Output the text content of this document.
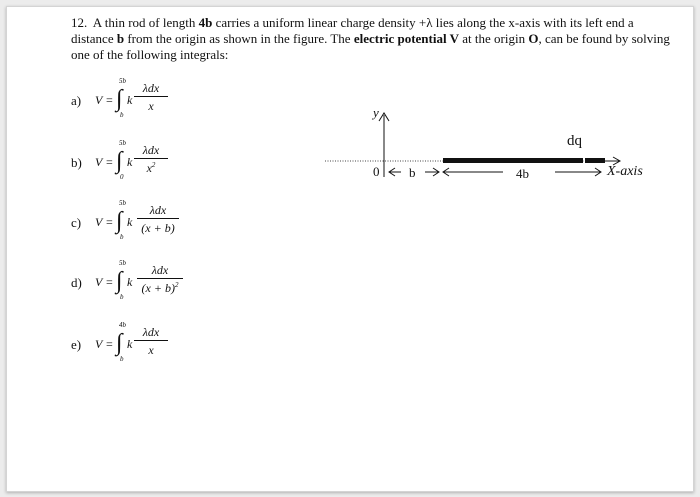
12. A thin rod of length 4b carries a uniform linear charge density +λ lies along the x-axis with its left end a distance b from the origin as shown in the figure. The electric potential V at the origin O, can be found by solving one of the following integrals:
a) V = ∫
5b
b
k
λdx
x
b) V = ∫
5b
0
k
λdx
$x^2$
c) V = ∫
5b
b
k
λdx
(x + b)
d) V = ∫
5b
b
k
λdx
$(x + b)^2$
e) V = ∫
4b
b
k
λdx
x
y
0 b	4b
dq
X-axis
